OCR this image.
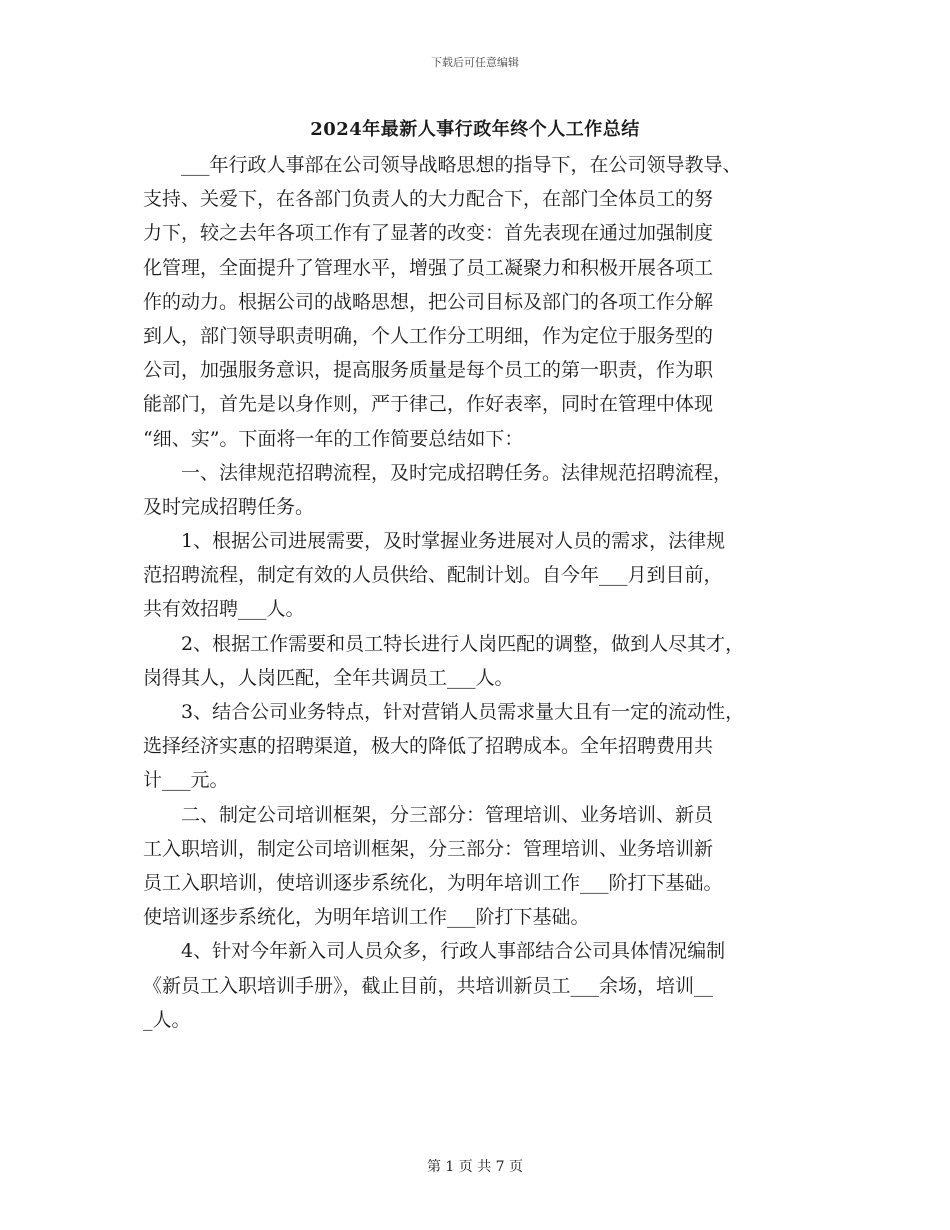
下载后可任意编辑
2024年最新人事行政年终个人工作总结
___年行政人事部在公司领导战略思想的指导下，在公司领导教导、
支持、关爱下，在各部门负责人的大力配合下，在部门全体员工的努
力下，较之去年各项工作有了显著的改变：首先表现在通过加强制度
化管理，全面提升了管理水平，增强了员工凝聚力和积极开展各项工
作的动力。根据公司的战略思想，把公司目标及部门的各项工作分解
到人，部门领导职责明确，个人工作分工明细，作为定位于服务型的
公司，加强服务意识，提高服务质量是每个员工的第一职责，作为职
能部门，首先是以身作则，严于律己，作好表率，同时在管理中体现
“细、实”。下面将一年的工作简要总结如下：
一、法律规范招聘流程，及时完成招聘任务。法律规范招聘流程，
及时完成招聘任务。
1、根据公司进展需要，及时掌握业务进展对人员的需求，法律规
范招聘流程，制定有效的人员供给、配制计划。自今年___月到目前，
共有效招聘___人。
2、根据工作需要和员工特长进行人岗匹配的调整，做到人尽其才，
岗得其人，人岗匹配，全年共调员工___人。
3、结合公司业务特点，针对营销人员需求量大且有一定的流动性，
选择经济实惠的招聘渠道，极大的降低了招聘成本。全年招聘费用共
计___元。
二、制定公司培训框架，分三部分：管理培训、业务培训、新员
工入职培训，制定公司培训框架，分三部分：管理培训、业务培训新
员工入职培训，使培训逐步系统化，为明年培训工作___阶打下基础。
使培训逐步系统化，为明年培训工作___阶打下基础。
4、针对今年新入司人员众多，行政人事部结合公司具体情况编制
《新员工入职培训手册》，截止目前，共培训新员工___余场，培训__
_人。
第 1 页 共 7 页
